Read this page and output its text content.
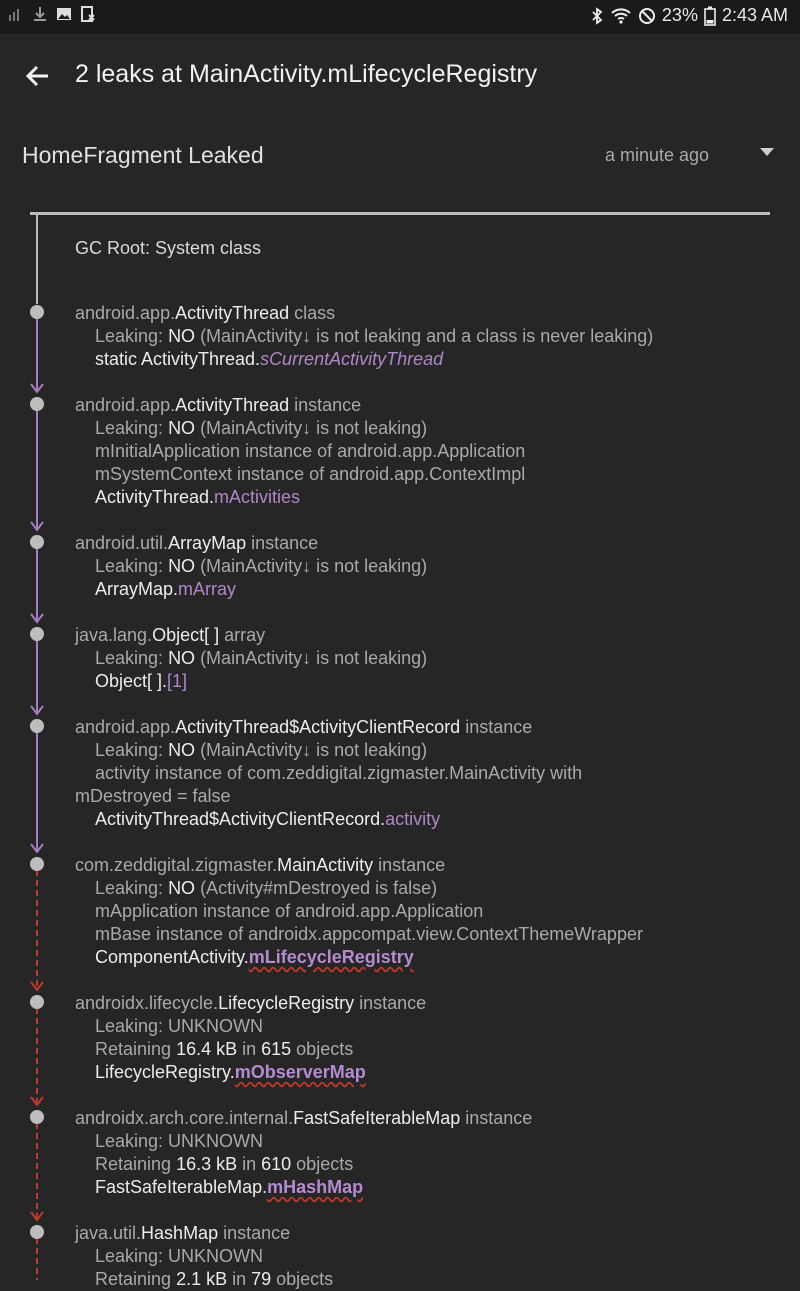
23% 2:43 AM
2 leaks at MainActivity.mLifecycleRegistry
HomeFragment Leaked	a minute ago
GC Root: System class
android.app.ActivityThread class
Leaking: NO (MainActivity↓ is not leaking and a class is never leaking)
static ActivityThread.sCurrentActivityThread
android.app.ActivityThread instance
Leaking: NO (MainActivity↓ is not leaking)
mInitialApplication instance of android.app.Application
mSystemContext instance of android.app.ContextImpl
ActivityThread.mActivities
android.util.ArrayMap instance
Leaking: NO (MainActivity↓ is not leaking)
ArrayMap.mArray
java.lang.Object[ ] array
Leaking: NO (MainActivity↓ is not leaking)
Object[ ].[1]
android.app.ActivityThread$ActivityClientRecord instance
Leaking: NO (MainActivity↓ is not leaking)
activity instance of com.zeddigital.zigmaster.MainActivity with
mDestroyed = false
ActivityThread$ActivityClientRecord.activity
com.zeddigital.zigmaster.MainActivity instance
Leaking: NO (Activity#mDestroyed is false)
mApplication instance of android.app.Application
mBase instance of androidx.appcompat.view.ContextThemeWrapper
ComponentActivity.mLifecycleRegistry
androidx.lifecycle.LifecycleRegistry instance
Leaking: UNKNOWN
Retaining 16.4 kB in 615 objects
LifecycleRegistry.mObserverMap
androidx.arch.core.internal.FastSafeIterableMap instance
Leaking: UNKNOWN
Retaining 16.3 kB in 610 objects
FastSafeIterableMap.mHashMap
java.util.HashMap instance
Leaking: UNKNOWN
Retaining 2.1 kB in 79 objects
